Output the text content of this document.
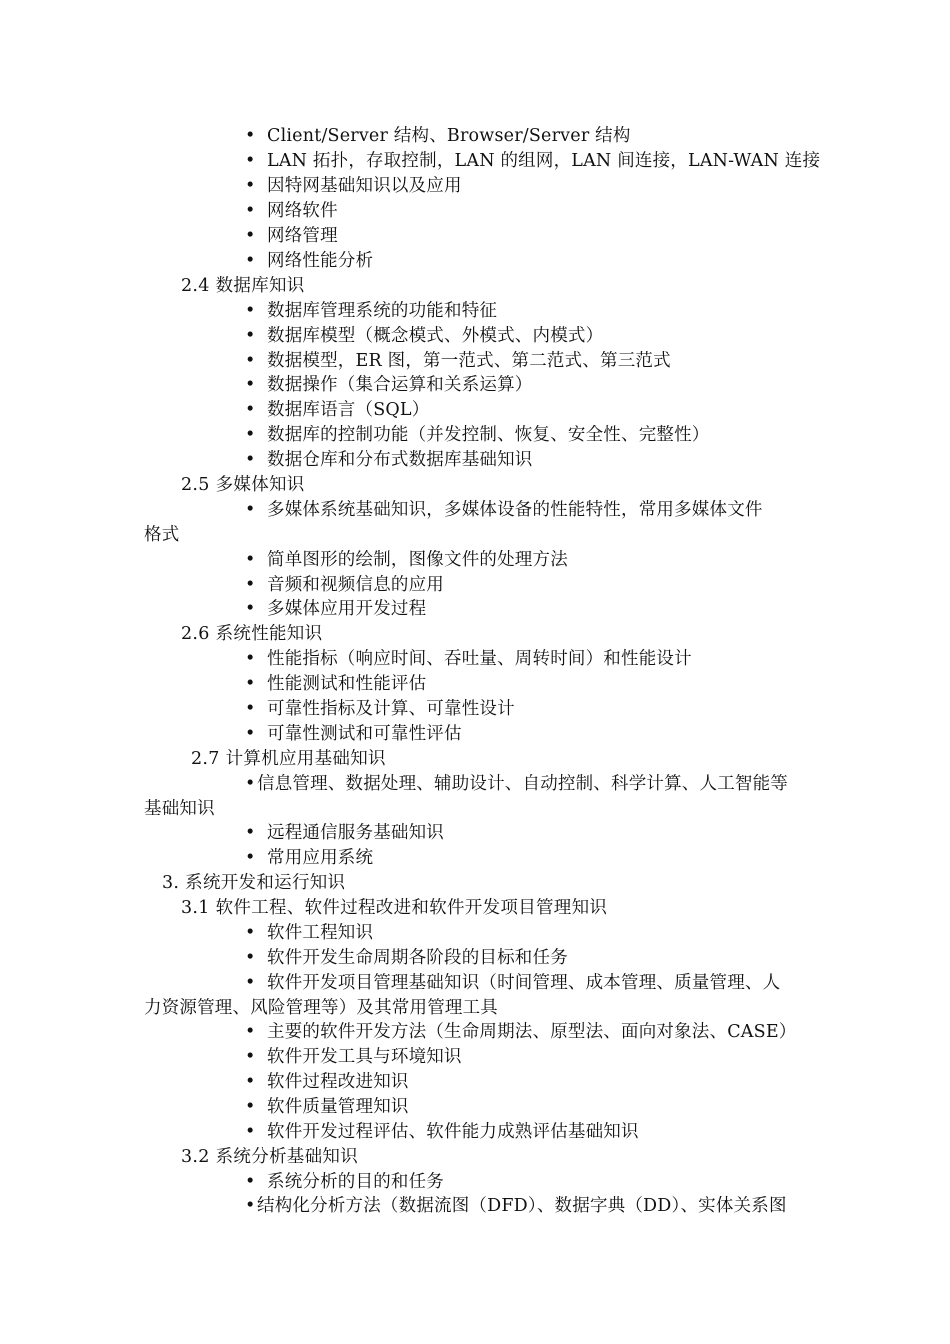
• Client/Server 结构、Browser/Server 结构
• LAN 拓扑，存取控制，LAN 的组网，LAN 间连接，LAN-WAN 连接
• 因特网基础知识以及应用
• 网络软件
• 网络管理
• 网络性能分析
2.4 数据库知识
• 数据库管理系统的功能和特征
• 数据库模型（概念模式、外模式、内模式）
• 数据模型，ER 图，第一范式、第二范式、第三范式
• 数据操作（集合运算和关系运算）
• 数据库语言（SQL）
• 数据库的控制功能（并发控制、恢复、安全性、完整性）
• 数据仓库和分布式数据库基础知识
2.5 多媒体知识
• 多媒体系统基础知识，多媒体设备的性能特性，常用多媒体文件
格式
• 简单图形的绘制，图像文件的处理方法
• 音频和视频信息的应用
• 多媒体应用开发过程
2.6 系统性能知识
• 性能指标（响应时间、吞吐量、周转时间）和性能设计
• 性能测试和性能评估
• 可靠性指标及计算、可靠性设计
• 可靠性测试和可靠性评估
2.7 计算机应用基础知识
•信息管理、数据处理、辅助设计、自动控制、科学计算、人工智能等
基础知识
• 远程通信服务基础知识
• 常用应用系统
3. 系统开发和运行知识
3.1 软件工程、软件过程改进和软件开发项目管理知识
• 软件工程知识
• 软件开发生命周期各阶段的目标和任务
• 软件开发项目管理基础知识（时间管理、成本管理、质量管理、人
力资源管理、风险管理等）及其常用管理工具
• 主要的软件开发方法（生命周期法、原型法、面向对象法、CASE）
• 软件开发工具与环境知识
• 软件过程改进知识
• 软件质量管理知识
• 软件开发过程评估、软件能力成熟评估基础知识
3.2 系统分析基础知识
• 系统分析的目的和任务
•结构化分析方法（数据流图（DFD）、数据字典（DD）、实体关系图
